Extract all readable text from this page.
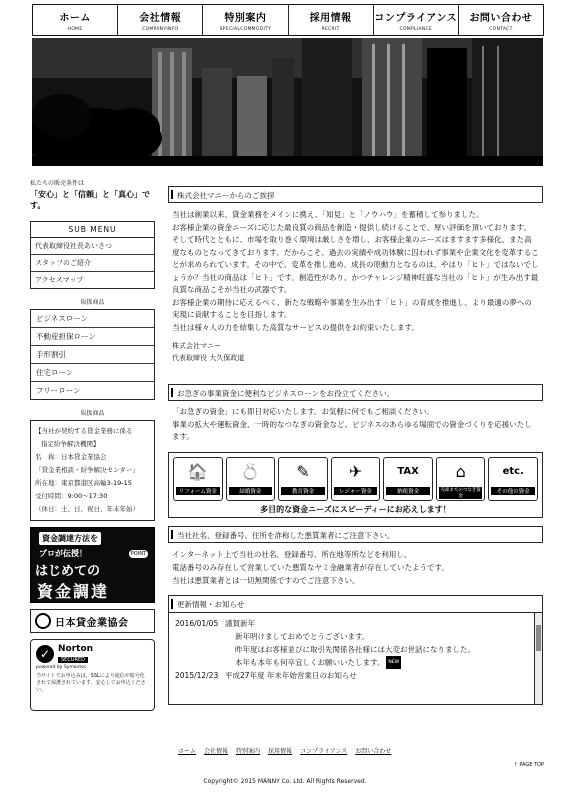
ホーム
HOME
会社情報
COMPANYINFO
特別案内
SPECIALCOMMODITY
採用情報
RECRIT
コンプライアンス
COMPLIANCE
お問い合わせ
CONTACT
私たちの販売条件は
「安心」と「信頼」と「真心」です。
SUB MENU
代表取締役社長あいさつ
スタッフのご紹介
アクセスマップ
取扱商品
ビジネスローン
不動産担保ローン
手形割引
住宅ローン
フリーローン
取扱商品
【当社が契約する貸金業務に係る
指定紛争解決機関】
名　称：日本貸金業協会
「貸金業相談・紛争解決センター」
所在地：東京都港区高輪3-19-15
受付時間：9:00～17:30
（休日：土、日、祝日、年末年始）
資金調達方法を
プロが伝授！	POINT
はじめての
資金調達
日本貸金業協会
✓ Norton
SECURED
powered by Symantec
当サイトでお申込みは、SSLにより通信が暗号化されて保護されています。安心してお申込ください。
株式会社マニーからのご挨拶

当社は創業以来、貸金業務をメインに携え、「知見」と「ノウハウ」を蓄積して参りました。

お客様企業の資金ニーズに応じた最良質の商品を創造・提供し続けることで、厚い評価を頂いております。

そして時代とともに、市場を取り巻く環境は厳しさを増し、お客様企業のニーズはますます多様化、また高度なものとなってきております。だからこそ、過去の実績や成功体験に囚われず事業や企業文化を変革することが求められています。その中で、変革を推し進め、成長の原動力となるのは、やはり「ヒト」ではないでしょうか？当社の商品は「ヒト」です。創造性があり、かつチャレンジ精神旺盛な当社の「ヒト」が生み出す最良質な商品こそが当社の武器です。

お客様企業の期待に応えるべく、新たな戦略や事業を生み出す「ヒト」の育成を推進し、より最適の夢への実現に貢献することを目指します。

当社は様々人の力を結集した高質なサービスの提供をお約束いたします。

株式会社マニー
代表取締役 大久保政道
お急ぎの事業資金に便利なビジネスローンをお役立てください。
「お急ぎの資金」にも即日対応いたします。お気軽に何でもご相談ください。
事業の拡大や運転資金、一時的なつなぎの資金など、ビジネスのあらゆる場面での資金づくりを応援いたします。
🏠
リフォーム資金
💍
結婚資金
✎
教育資金
✈
レジャー資金
TAX
納税資金
⌂
売却までのつなぎ資金
etc.
その他の資金
多目的な資金ニーズにスピーディーにお応えします！
当社社名、登録番号、住所を詐称した悪質業者にご注意下さい。
インターネット上で当社の社名、登録番号、所在地等所などを利用し、
電話番号のみ存在して営業していた悪質なヤミ金融業者が存在していたようです。
当社は悪質業者とは一切無関係ですのでご注意下さい。
更新情報・お知らせ
2016/01/05 謹賀新年
新年明けましておめでとうございます。
昨年度はお客様並びに取引先関係各社様には大変お世話になりました。
本年も本年も何卒宜しくお願いいたします。 NEW
2015/12/23 平成27年度 年末年始営業日のお知らせ
ホーム 会社情報 特別案内 採用情報 コンプライアンス お問い合わせ
↑ PAGE TOP
Copyright© 2015 MANNY Co. Ltd. All Rights Reserved.
